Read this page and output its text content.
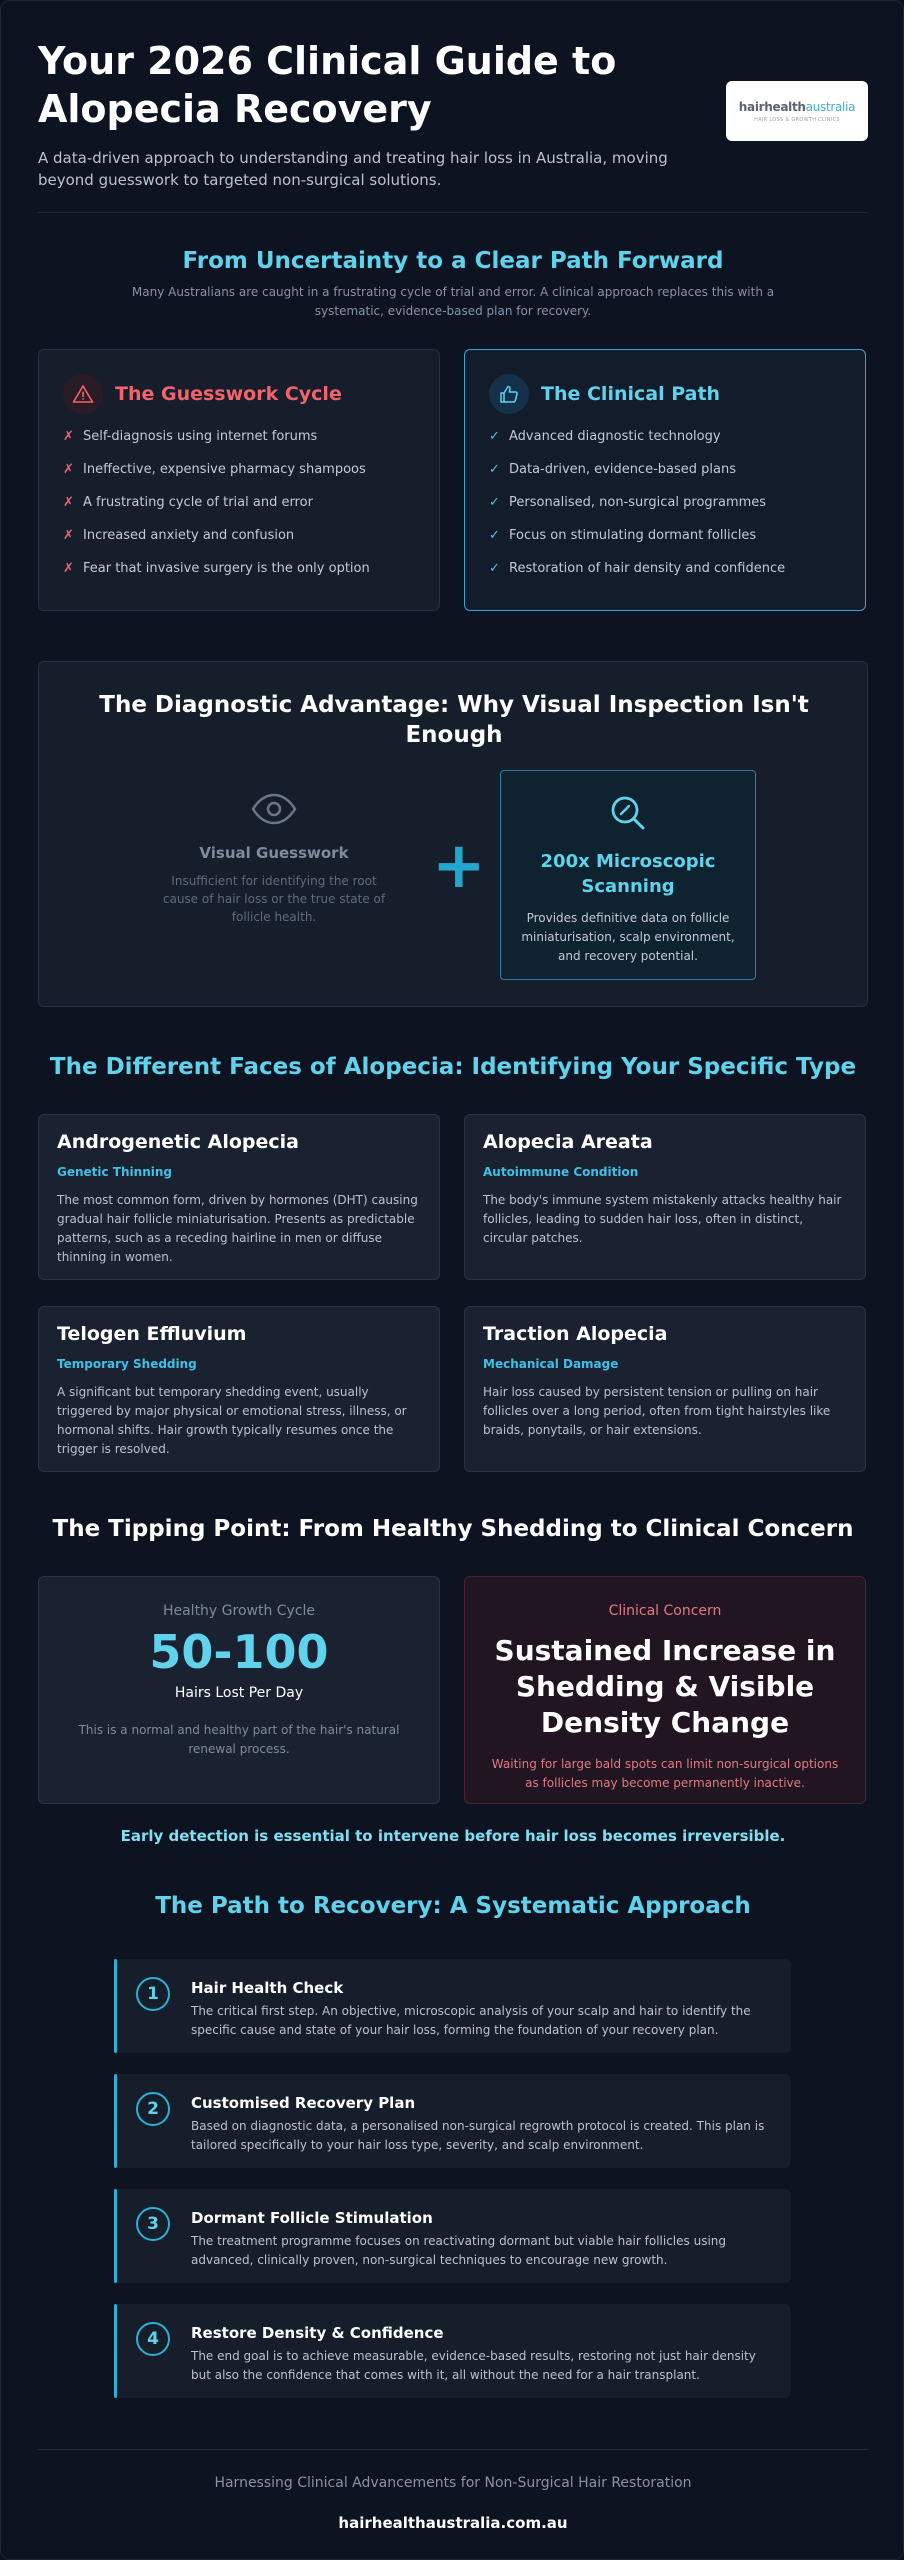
Your 2026 Clinical Guide to Alopecia Recovery

A data-driven approach to understanding and treating hair loss in Australia, moving beyond guesswork to targeted non-surgical solutions.

hairhealthaustralia
HAIR LOSS & GROWTH CLINICS
From Uncertainty to a Clear Path Forward

Many Australians are caught in a frustrating cycle of trial and error. A clinical approach replaces this with a systematic, evidence-based plan for recovery.

The Guesswork Cycle
✗ Self-diagnosis using internet forums
✗ Ineffective, expensive pharmacy shampoos
✗ A frustrating cycle of trial and error
✗ Increased anxiety and confusion
✗ Fear that invasive surgery is the only option
The Clinical Path
✓ Advanced diagnostic technology
✓ Data-driven, evidence-based plans
✓ Personalised, non-surgical programmes
✓ Focus on stimulating dormant follicles
✓ Restoration of hair density and confidence
The Diagnostic Advantage: Why Visual Inspection Isn't Enough
Visual Guesswork
Insufficient for identifying the root cause of hair loss or the true state of follicle health.
+	200x Microscopic Scanning
Provides definitive data on follicle miniaturisation, scalp environment, and recovery potential.
The Different Faces of Alopecia: Identifying Your Specific Type
Androgenetic Alopecia
Genetic Thinning

The most common form, driven by hormones (DHT) causing gradual hair follicle miniaturisation. Presents as predictable patterns, such as a receding hairline in men or diffuse thinning in women.

Alopecia Areata
Autoimmune Condition

The body's immune system mistakenly attacks healthy hair follicles, leading to sudden hair loss, often in distinct, circular patches.

Telogen Effluvium
Temporary Shedding

A significant but temporary shedding event, usually triggered by major physical or emotional stress, illness, or hormonal shifts. Hair growth typically resumes once the trigger is resolved.

Traction Alopecia
Mechanical Damage

Hair loss caused by persistent tension or pulling on hair follicles over a long period, often from tight hairstyles like braids, ponytails, or hair extensions.

The Tipping Point: From Healthy Shedding to Clinical Concern
Healthy Growth Cycle
50-100
Hairs Lost Per Day
This is a normal and healthy part of the hair's natural renewal process.
Clinical Concern
Sustained Increase in Shedding & Visible Density Change
Waiting for large bald spots can limit non-surgical options as follicles may become permanently inactive.
Early detection is essential to intervene before hair loss becomes irreversible.
The Path to Recovery: A Systematic Approach
1	Hair Health Check
The critical first step. An objective, microscopic analysis of your scalp and hair to identify the specific cause and state of your hair loss, forming the foundation of your recovery plan.
2	Customised Recovery Plan
Based on diagnostic data, a personalised non-surgical regrowth protocol is created. This plan is tailored specifically to your hair loss type, severity, and scalp environment.
3	Dormant Follicle Stimulation
The treatment programme focuses on reactivating dormant but viable hair follicles using advanced, clinically proven, non-surgical techniques to encourage new growth.
4	Restore Density & Confidence
The end goal is to achieve measurable, evidence-based results, restoring not just hair density but also the confidence that comes with it, all without the need for a hair transplant.
Harnessing Clinical Advancements for Non-Surgical Hair Restoration
hairhealthaustralia.com.au
